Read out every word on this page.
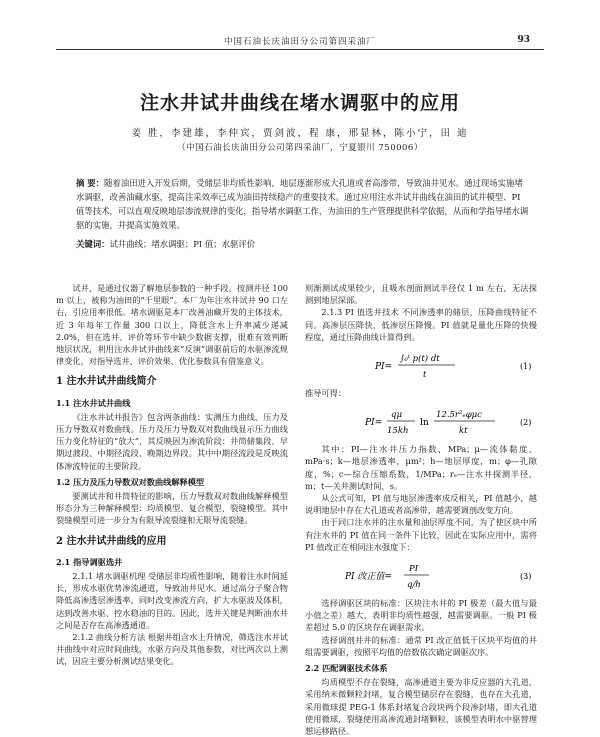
中国石油长庆油田分公司第四采油厂	93
注水井试井曲线在堵水调驱中的应用
姜 胜，李建雄，李仲宾，贾剑波，程 康，邢显林，陈小宁，田 迪
（中国石油长庆油田分公司第四采油厂，宁夏银川 750006）
摘 要：随着油田进入开发后期，受储层非均质性影响，地层逐渐形成大孔道或者高渗带，导致油井见水。通过现场实施堵水调驱，改善油藏水驱，提高注采效率已成为油田持续稳产的重要技术。通过应用注水井试井曲线在油田的试井模型、PI 值等技术，可以直观反映地层渗流规律的变化，指导堵水调驱工作，为油田的生产管理提供科学依据，从而和学指导堵水调驱的实施，并提高实施效果。
关键词：试井曲线；堵水调驱；PI 值；水驱评价

试井，是通过仪器了解地层参数的一种手段。按测井径 100 m 以上，被称为油田的“千里眼”。本厂为年注水井试井 90 口左右，引应用率很低。堵水调驱是本厂改善油藏开发的主体技术，近 3 年每年工作量 300 口以上，降低含水上升率减少递减 2.0%，但在选井、评价等环节中缺少数据支撑，很难有效判断地层状况，利用注水井试井曲线来“反演”调驱前后的水驱渗流规律变化，对指导选井、评价效果、优化参数具有借鉴意义。

1 注水井试井曲线简介
1.1 注水井试井曲线

《注水井试井报告》包含两条曲线：实测压力曲线、压力及压力导数双对数曲线。压力及压力导数双对数曲线显示压力曲线压力变化特征的“放大”，其反映因为渗流阶段：井筒储集段、早期过渡段、中期径流段、晚期边界段。其中中期径流段是反映流体渗流特征的主要阶段。

1.2 压力及压力导数双对数曲线解释模型

要测试井和井筒特征的影响，压力导数双对数曲线解释模型形态分为三种解释模型：均质模型、复合模型、裂缝模型。其中裂缝模型可进一步分为有限导流裂缝和无限导流裂缝。

2 注水井试井曲线的应用
2.1 指导调驱选井

2.1.1 堵水调驱机理 受储层非均质性影响，随着注水时间延长，形成水驱优势渗流通道，导致油井见水。通过高分子聚合物降低高渗透层渗透率，同时改变渗流方向，扩大水驱波及体积，达到改善水驱、控水稳油的目的。因此，选井关键是判断油水井之间是否存在高渗透通道。

2.1.2 曲线分析方法 根据井组含水上升情况，筛选注水井试井曲线中对应时间曲线，水驱方向及其他参数，对比两次以上测试，因应主要分析测试结果变化。

则渐测试成果较少，且吸水剖面测试半径仅 1 m 左右，无法探测到地层深部。

2.1.3 PI 值选井技术 不同渗透率的储层，压降曲线特征不同。高渗层压降快，低渗层压降慢。PI 值就是量化压降的快慢程度，通过压降曲线计算得到。

PI=
∫₀ᵗ p(t) dt
t
(1)

推导可得：

PI=
qμ
15kh
ln
12.5r²ₑφμc
kt
(2)

其中：PI—注水井压力指数，MPa；μ—流体黏度，mPa·s；k—地层渗透率，μm²；h—地层厚度，m；φ—孔隙度，%；c—综合压缩系数，1/MPa；rₑ—注水井探测半径，m；t—关井测试时间，s。

从公式可知，PI 值与地层渗透率成反相关，PI 值越小，越说明地层中存在大孔道或者高渗带，越需要调剖改变方向。

由于同口注水井的注水量和油层厚度不同，为了使区块中所有注水井的 PI 值在同一条件下比较，因此在实际应用中，需将 PI 值改正在相同注水强度下：

PI 改正值=
PI
q/h
(3)

选择调驱区块的标准：区块注水井的 PI 极差（最大值与最小值之差）越大，表明非均质性越强，越需要调驱。一般 PI 极差超过 5.0 的区块存在调驱需求。

选择调剖井井的标准：通常 PI 改正值低于区块平均值的井组需要调驱，按照平均值的倍数依次确定调驱次序。

2.2 匹配调驱技术体系

均质模型不存在裂缝，高渗通道主要为非反应器的大孔道，采用纳米微颗粒封堵，复合模型储层存在裂缝，也存在大孔道，采用微球提 PEG-1 体系封堵复合段块两个段渗封堵，即大孔道使用微球，裂缝使用高渗流通封堵颗粒，该模型表明水中驱替理想运移路径。
